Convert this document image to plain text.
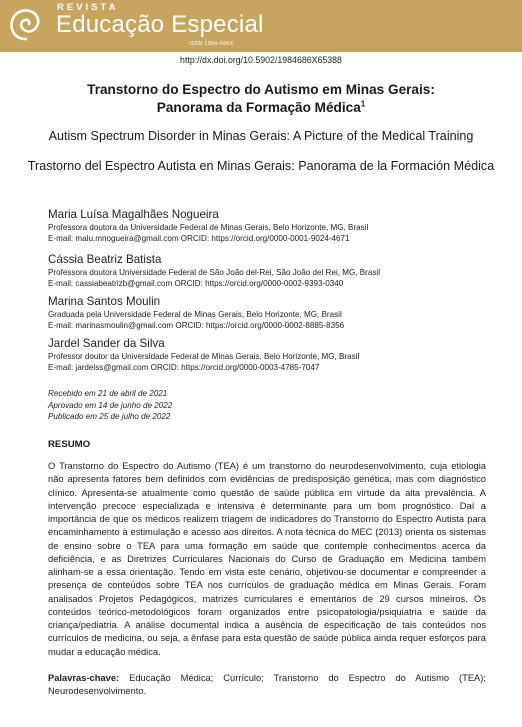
REVISTA
Educação Especial
ISSN 1984-686X
http://dx.doi.org/10.5902/1984686X65388
Transtorno do Espectro do Autismo em Minas Gerais:
Panorama da Formação Médica$^1$
Autism Spectrum Disorder in Minas Gerais: A Picture of the Medical Training
Trastorno del Espectro Autista en Minas Gerais: Panorama de la Formación Médica
Maria Luísa Magalhães Nogueira
Professora doutora da Universidade Federal de Minas Gerais, Belo Horizonte, MG, Brasil
E-mail: malu.mnogueira@gmail.com ORCID: https://orcid.org/0000-0001-9024-4671
Cássia Beatriz Batista
Professora doutora Universidade Federal de São João del-Rei, São João del Rei, MG, Brasil
E-mail: cassiabeatrizb@gmail.com ORCID: https://orcid.org/0000-0002-9393-0340
Marina Santos Moulin
Graduada pela Universidade Federal de Minas Gerais, Belo Horizonte, MG, Brasil
E-mail: marinasmoulin@gmail.com ORCID: https://orcid.org/0000-0002-8885-8356
Jardel Sander da Silva
Professor doutor da Universidade Federal de Minas Gerais, Belo Horizonte, MG, Brasil
E-mail: jardelss@gmail.com ORCID: https://orcid.org/0000-0003-4785-7047
Recebido em 21 de abril de 2021
Aprovado em 14 de junho de 2022
Publicado em 25 de julho de 2022
RESUMO
O Transtorno do Espectro do Autismo (TEA) é um transtorno do neurodesenvolvimento, cuja etiologia não apresenta fatores bem definidos com evidências de predisposição genética, mas com diagnóstico clínico. Apresenta-se atualmente como questão de saúde pública em virtude da alta prevalência. A intervenção precoce especializada e intensiva é determinante para um bom prognóstico. Daí a importância de que os médicos realizem triagem de indicadores do Transtorno do Espectro Autista para encaminhamento à estimulação e acesso aos direitos. A nota técnica do MEC (2013) orienta os sistemas de ensino sobre o TEA para uma formação em saúde que contemple conhecimentos acerca da deficiência, e as Diretrizes Curriculares Nacionais do Curso de Graduação em Medicina também alinham-se a essa orientação. Tendo em vista este cenário, objetivou-se documentar e compreender a presença de conteúdos sobre TEA nos currículos de graduação médica em Minas Gerais. Foram analisados Projetos Pedagógicos, matrizes curriculares e ementários de 29 cursos mineiros. Os conteúdos teórico-metodológicos foram organizados entre psicopatologia/psiquiatria e saúde da criança/pediatria. A análise documental indica a ausência de especificação de tais conteúdos nos currículos de medicina, ou seja, a ênfase para esta questão de saúde pública ainda requer esforços para mudar a educação médica.
Palavras-chave: Educação Médica; Currículo; Transtorno do Espectro do Autismo (TEA); Neurodesenvolvimento.
